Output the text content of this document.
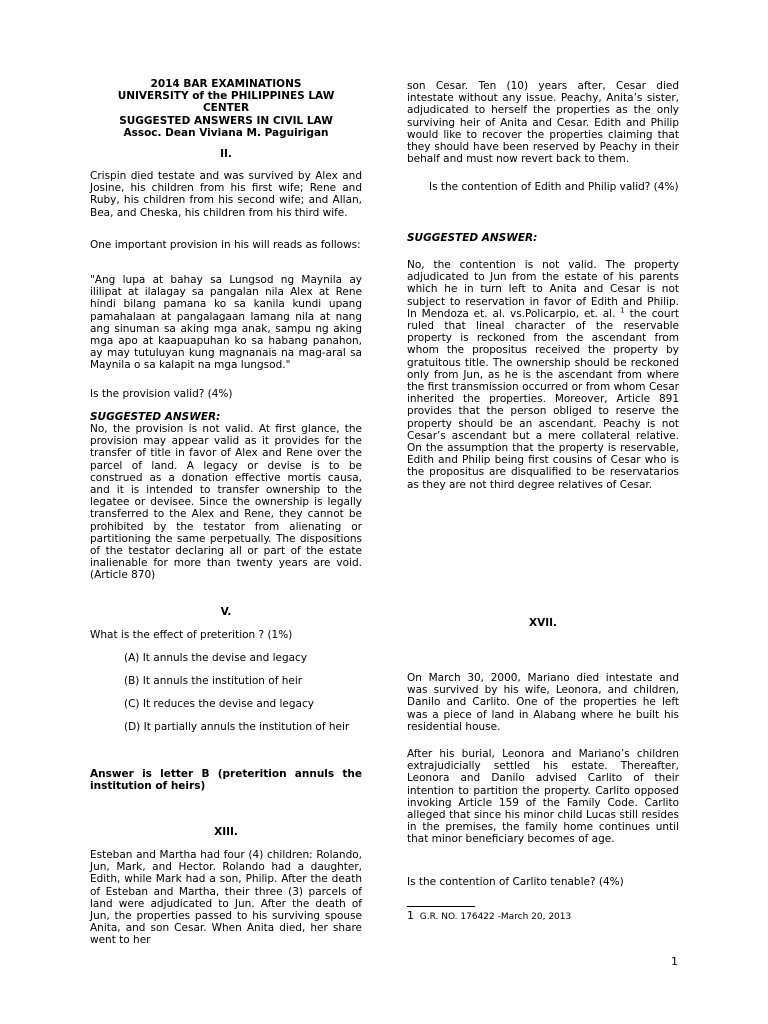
2014 BAR EXAMINATIONS

UNIVERSITY of the PHILIPPINES LAW

CENTER

SUGGESTED ANSWERS IN CIVIL LAW

Assoc. Dean Viviana M. Paguirigan

II.

Crispin died testate and was survived by Alex and Josine, his children from his first wife; Rene and Ruby, his children from his second wife; and Allan, Bea, and Cheska, his children from his third wife.

One important provision in his will reads as follows:

"Ang lupa at bahay sa Lungsod ng Maynila ay ililipat at ilalagay sa pangalan nila Alex at Rene hindi bilang pamana ko sa kanila kundi upang pamahalaan at pangalagaan lamang nila at nang ang sinuman sa aking mga anak, sampu ng aking mga apo at kaapuapuhan ko sa habang panahon, ay may tutuluyan kung magnanais na mag-aral sa Maynila o sa kalapit na mga lungsod."

Is the provision valid? (4%)

SUGGESTED ANSWER:

No, the provision is not valid. At first glance, the provision may appear valid as it provides for the transfer of title in favor of Alex and Rene over the parcel of land. A legacy or devise is to be construed as a donation effective mortis causa, and it is intended to transfer ownership to the legatee or devisee. Since the ownership is legally transferred to the Alex and Rene, they cannot be prohibited by the testator from alienating or partitioning the same perpetually. The dispositions of the testator declaring all or part of the estate inalienable for more than twenty years are void. (Article 870)

V.

What is the effect of preterition ? (1%)

(A) It annuls the devise and legacy

(B) It annuls the institution of heir

(C) It reduces the devise and legacy

(D) It partially annuls the institution of heir

Answer is letter B (preterition annuls the institution of heirs)

XIII.

Esteban and Martha had four (4) children: Rolando, Jun, Mark, and Hector. Rolando had a daughter, Edith, while Mark had a son, Philip. After the death of Esteban and Martha, their three (3) parcels of land were adjudicated to Jun. After the death of Jun, the properties passed to his surviving spouse Anita, and son Cesar. When Anita died, her share went to her

son Cesar. Ten (10) years after, Cesar died intestate without any issue. Peachy, Anita’s sister, adjudicated to herself the properties as the only surviving heir of Anita and Cesar. Edith and Philip would like to recover the properties claiming that they should have been reserved by Peachy in their behalf and must now revert back to them.

Is the contention of Edith and Philip valid? (4%)

SUGGESTED ANSWER:

No, the contention is not valid. The property adjudicated to Jun from the estate of his parents which he in turn left to Anita and Cesar is not subject to reservation in favor of Edith and Philip. In Mendoza et. al. vs.Policarpio, et. al. $^1$ the court ruled that lineal character of the reservable property is reckoned from the ascendant from whom the propositus received the property by gratuitous title. The ownership should be reckoned only from Jun, as he is the ascendant from where the first transmission occurred or from whom Cesar inherited the properties. Moreover, Article 891 provides that the person obliged to reserve the property should be an ascendant. Peachy is not Cesar’s ascendant but a mere collateral relative. On the assumption that the property is reservable, Edith and Philip being first cousins of Cesar who is the propositus are disqualified to be reservatarios as they are not third degree relatives of Cesar.

XVII.

On March 30, 2000, Mariano died intestate and was survived by his wife, Leonora, and children, Danilo and Carlito. One of the properties he left was a piece of land in Alabang where he built his residential house.

After his burial, Leonora and Mariano’s children extrajudicially settled his estate. Thereafter, Leonora and Danilo advised Carlito of their intention to partition the property. Carlito opposed invoking Article 159 of the Family Code. Carlito alleged that since his minor child Lucas still resides in the premises, the family home continues until that minor beneficiary becomes of age.

Is the contention of Carlito tenable? (4%)

1 G.R. NO. 176422 -March 20, 2013

1
